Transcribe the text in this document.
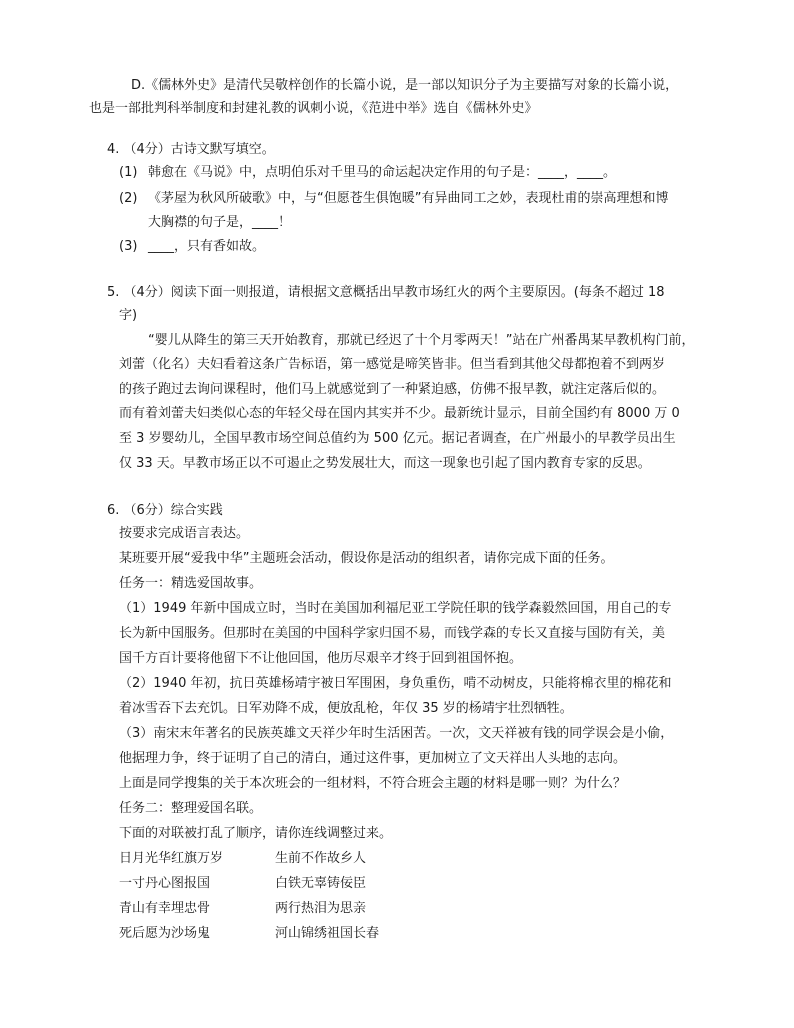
D.《儒林外史》是清代吴敬梓创作的长篇小说，是一部以知识分子为主要描写对象的长篇小说，
也是一部批判科举制度和封建礼教的讽刺小说，《范进中举》选自《儒林外史》
4. （4分）古诗文默写填空。
(1) 韩愈在《马说》中，点明伯乐对千里马的命运起决定作用的句子是：____，____。
(2) 《茅屋为秋风所破歌》中，与“但愿苍生俱饱暖”有异曲同工之妙，表现杜甫的崇高理想和博
大胸襟的句子是，____！
(3) ____，只有香如故。
5. （4分）阅读下面一则报道，请根据文意概括出早教市场红火的两个主要原因。(每条不超过 18
字)
“婴儿从降生的第三天开始教育，那就已经迟了十个月零两天！”站在广州番禺某早教机构门前，
刘蕾（化名）夫妇看着这条广告标语，第一感觉是啼笑皆非。但当看到其他父母都抱着不到两岁
的孩子跑过去询问课程时，他们马上就感觉到了一种紧迫感，仿佛不报早教，就注定落后似的。
而有着刘蕾夫妇类似心态的年轻父母在国内其实并不少。最新统计显示，目前全国约有 8000 万 0
至 3 岁婴幼儿，全国早教市场空间总值约为 500 亿元。据记者调查，在广州最小的早教学员出生
仅 33 天。早教市场正以不可遏止之势发展壮大，而这一现象也引起了国内教育专家的反思。
6. （6分）综合实践
按要求完成语言表达。
某班要开展“爱我中华”主题班会活动，假设你是活动的组织者，请你完成下面的任务。
任务一：精选爱国故事。
（1）1949 年新中国成立时，当时在美国加利福尼亚工学院任职的钱学森毅然回国，用自己的专
长为新中国服务。但那时在美国的中国科学家归国不易，而钱学森的专长又直接与国防有关，美
国千方百计要将他留下不让他回国，他历尽艰辛才终于回到祖国怀抱。
（2）1940 年初，抗日英雄杨靖宇被日军围困，身负重伤，啃不动树皮，只能将棉衣里的棉花和
着冰雪吞下去充饥。日军劝降不成，便放乱枪，年仅 35 岁的杨靖宇壮烈牺牲。
（3）南宋末年著名的民族英雄文天祥少年时生活困苦。一次，文天祥被有钱的同学误会是小偷，
他据理力争，终于证明了自己的清白，通过这件事，更加树立了文天祥出人头地的志向。
上面是同学搜集的关于本次班会的一组材料，不符合班会主题的材料是哪一则？为什么？
任务二：整理爱国名联。
下面的对联被打乱了顺序，请你连线调整过来。
日月光华红旗万岁	生前不作故乡人
一寸丹心图报国	白铁无辜铸佞臣
青山有幸埋忠骨	两行热泪为思亲
死后愿为沙场鬼	河山锦绣祖国长春
